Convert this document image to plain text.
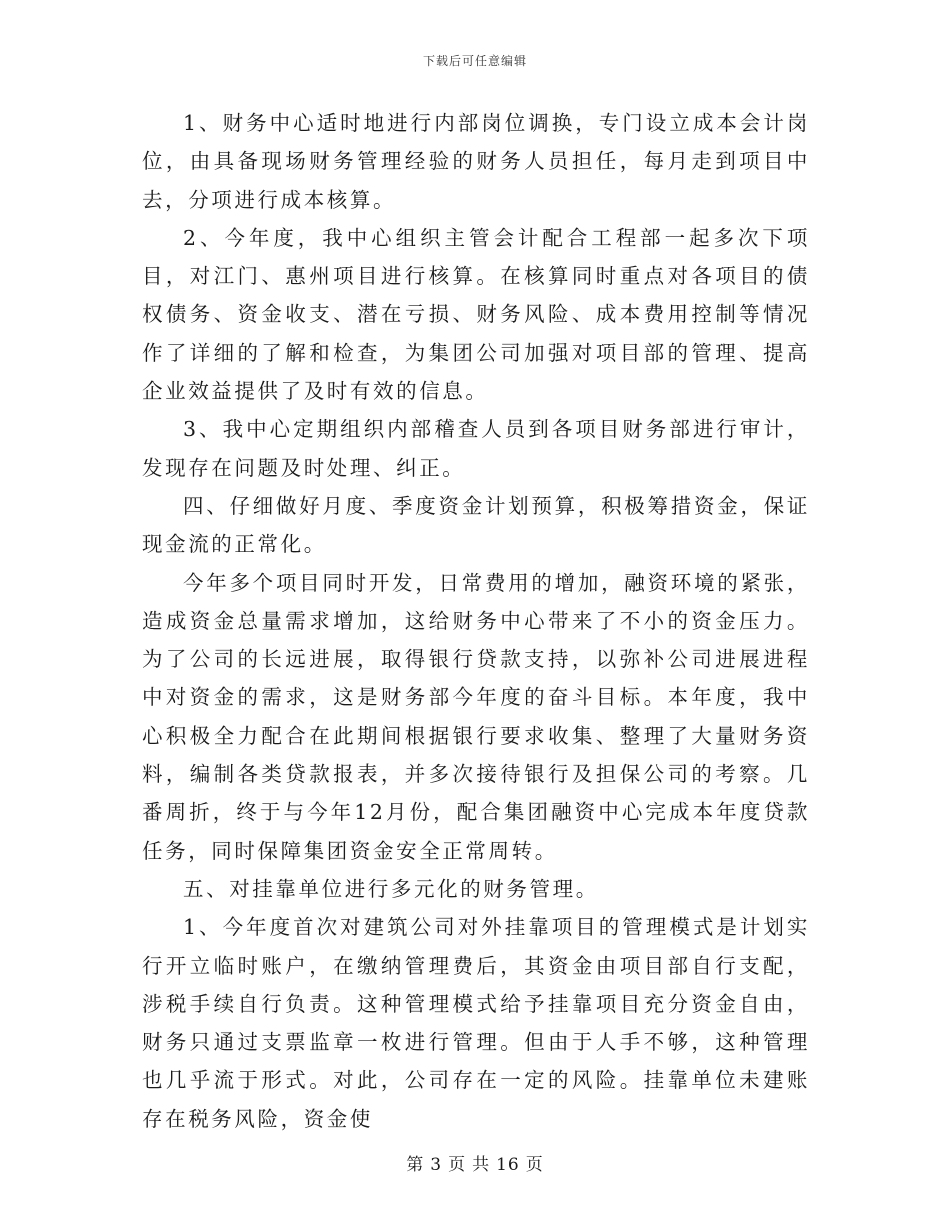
下载后可任意编辑

1、财务中心适时地进行内部岗位调换，专门设立成本会计岗位，由具备现场财务管理经验的财务人员担任，每月走到项目中去，分项进行成本核算。

2、今年度，我中心组织主管会计配合工程部一起多次下项目，对江门、惠州项目进行核算。在核算同时重点对各项目的债权债务、资金收支、潜在亏损、财务风险、成本费用控制等情况作了详细的了解和检查，为集团公司加强对项目部的管理、提高企业效益提供了及时有效的信息。

3、我中心定期组织内部稽查人员到各项目财务部进行审计，发现存在问题及时处理、纠正。

四、仔细做好月度、季度资金计划预算，积极筹措资金，保证现金流的正常化。

今年多个项目同时开发，日常费用的增加，融资环境的紧张，造成资金总量需求增加，这给财务中心带来了不小的资金压力。为了公司的长远进展，取得银行贷款支持，以弥补公司进展进程中对资金的需求，这是财务部今年度的奋斗目标。本年度，我中心积极全力配合在此期间根据银行要求收集、整理了大量财务资料，编制各类贷款报表，并多次接待银行及担保公司的考察。几番周折，终于与今年12月份，配合集团融资中心完成本年度贷款任务，同时保障集团资金安全正常周转。

五、对挂靠单位进行多元化的财务管理。

1、今年度首次对建筑公司对外挂靠项目的管理模式是计划实行开立临时账户，在缴纳管理费后，其资金由项目部自行支配，涉税手续自行负责。这种管理模式给予挂靠项目充分资金自由，财务只通过支票监章一枚进行管理。但由于人手不够，这种管理也几乎流于形式。对此，公司存在一定的风险。挂靠单位未建账存在税务风险，资金使

第 3 页 共 16 页
